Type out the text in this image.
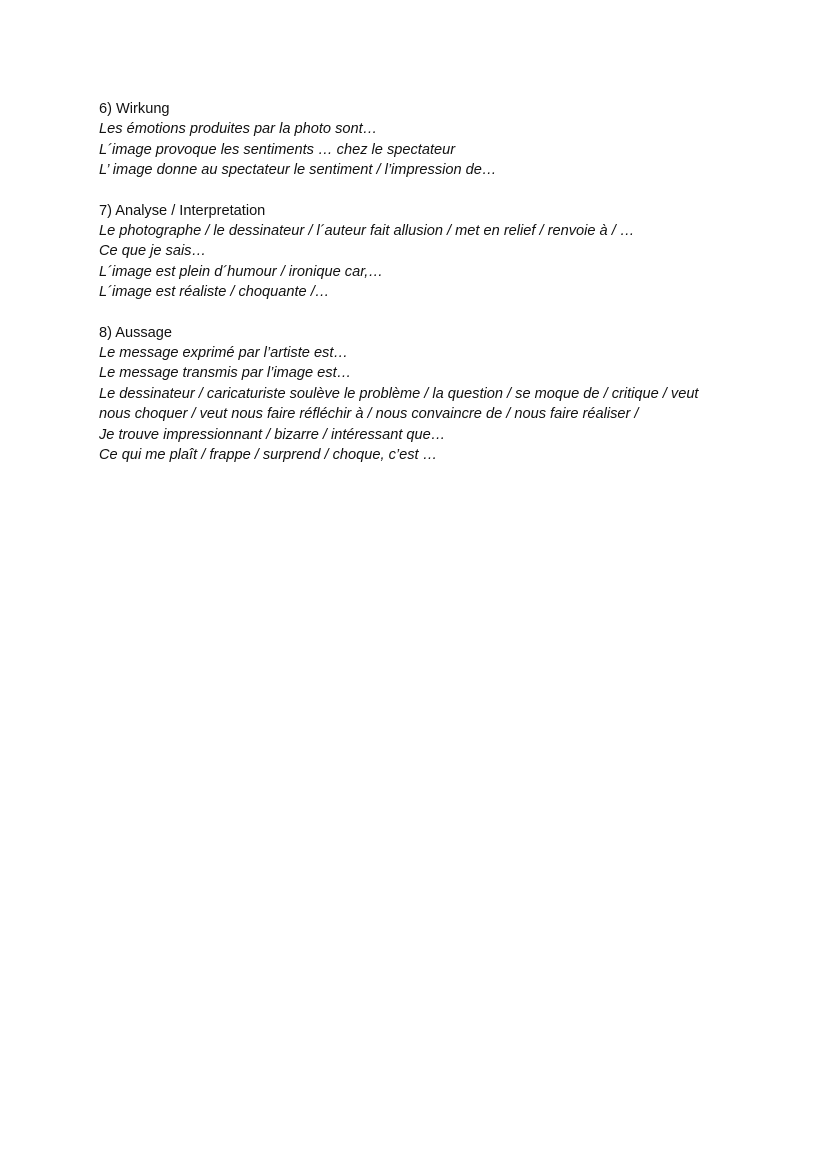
6) Wirkung
Les émotions produites par la photo sont…
L´image provoque les sentiments … chez le spectateur
L’ image donne au spectateur le sentiment / l’impression de…
7) Analyse / Interpretation
Le photographe / le dessinateur / l´auteur fait allusion / met en relief / renvoie à / …
Ce que je sais…
L´image est plein d´humour / ironique car,…
L´image est réaliste / choquante /…
8) Aussage
Le message exprimé par l’artiste est…
Le message transmis par l’image est…
Le dessinateur / caricaturiste soulève le problème / la question / se moque de / critique / veut
nous choquer / veut nous faire réfléchir à / nous convaincre de / nous faire réaliser /
Je trouve impressionnant / bizarre / intéressant que…
Ce qui me plaît / frappe / surprend / choque, c’est …
